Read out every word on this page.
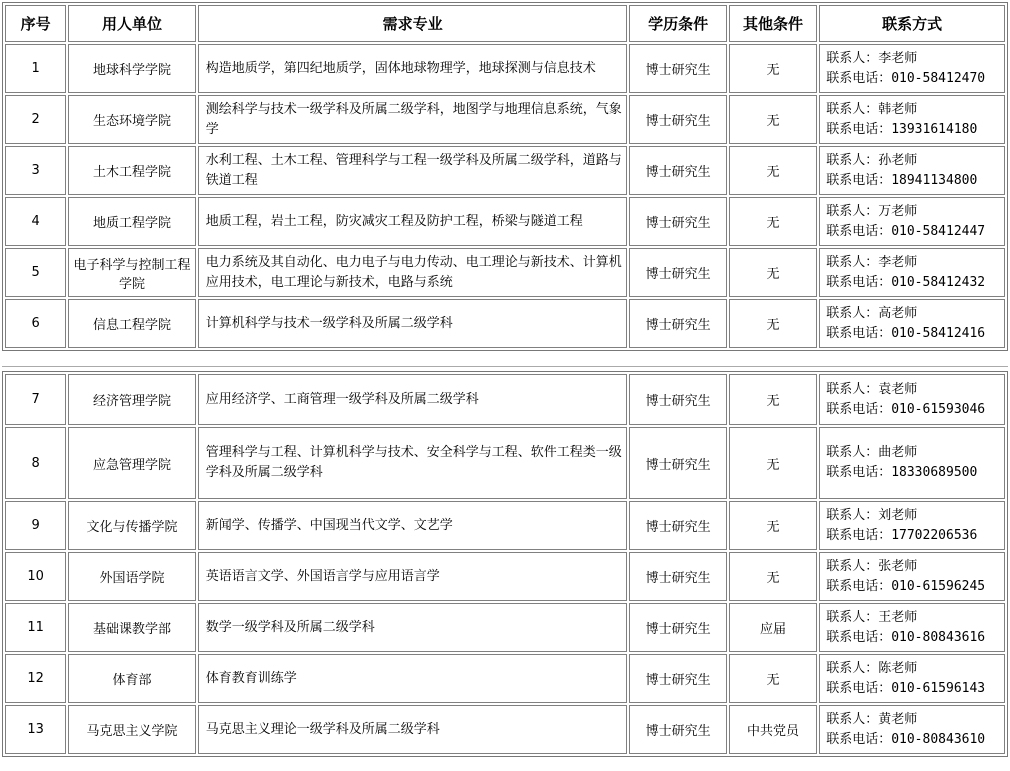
序号	用人单位	需求专业	学历条件	其他条件	联系方式
1	地球科学学院	构造地质学，第四纪地质学，固体地球物理学，地球探测与信息技术	博士研究生	无	联系人：李老师
联系电话：010-58412470

2	生态环境学院	测绘科学与技术一级学科及所属二级学科，地图学与地理信息系统，气象学	博士研究生	无	联系人：韩老师
联系电话：13931614180

3	土木工程学院	水利工程、土木工程、管理科学与工程一级学科及所属二级学科，道路与铁道工程	博士研究生	无	联系人：孙老师
联系电话：18941134800

4	地质工程学院	地质工程，岩土工程，防灾减灾工程及防护工程，桥梁与隧道工程	博士研究生	无	联系人：万老师
联系电话：010-58412447

5	电子科学与控制工程学院	电力系统及其自动化、电力电子与电力传动、电工理论与新技术、计算机应用技术，电工理论与新技术，电路与系统	博士研究生	无	联系人：李老师
联系电话：010-58412432

6	信息工程学院	计算机科学与技术一级学科及所属二级学科	博士研究生	无	联系人：高老师
联系电话：010-58412416
7	经济管理学院	应用经济学、工商管理一级学科及所属二级学科	博士研究生	无	联系人：袁老师
联系电话：010-61593046

8	应急管理学院	管理科学与工程、计算机科学与技术、安全科学与工程、软件工程类一级学科及所属二级学科	博士研究生	无	联系人：曲老师
联系电话：18330689500

9	文化与传播学院	新闻学、传播学、中国现当代文学、文艺学	博士研究生	无	联系人：刘老师
联系电话：17702206536

10	外国语学院	英语语言文学、外国语言学与应用语言学	博士研究生	无	联系人：张老师
联系电话：010-61596245

11	基础课教学部	数学一级学科及所属二级学科	博士研究生	应届	联系人：王老师
联系电话：010-80843616

12	体育部	体育教育训练学	博士研究生	无	联系人：陈老师
联系电话：010-61596143

13	马克思主义学院	马克思主义理论一级学科及所属二级学科	博士研究生	中共党员	联系人：黄老师
联系电话：010-80843610
